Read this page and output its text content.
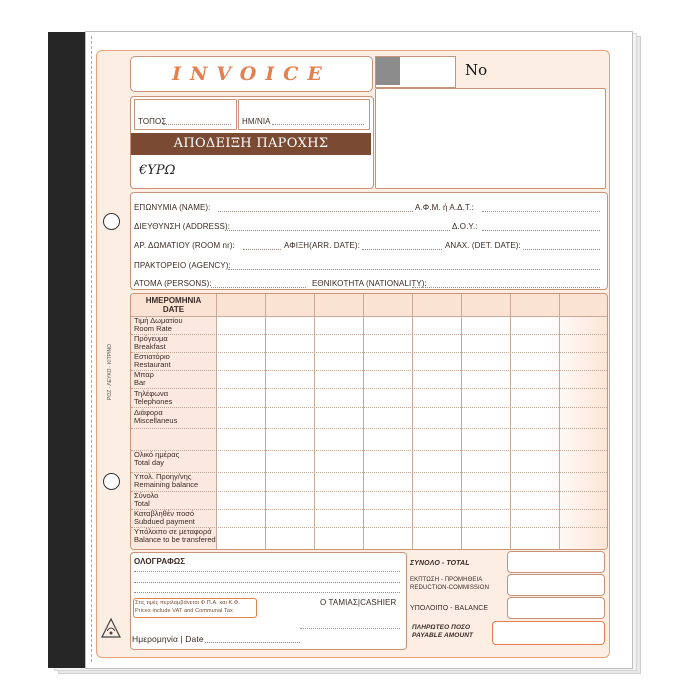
ΡΟΖ · ΛΕΥΚΟ · ΚΙΤΡΙΝΟ
INVOICE	No
ΤΟΠΟΣ	ΗΜ/ΝΙΑ
ΑΠΟΔΕΙΞΗ ΠΑΡΟΧΗΣ ΥΠΗΡΕΣΙΩΝ
€ΥΡΩ
ΕΠΩΝΥΜΙΑ (NAME):	Α.Φ.Μ. ή Α.Δ.Τ.:
ΔΙΕΥΘΥΝΣΗ (ADDRESS):	Δ.Ο.Υ.:
ΑΡ. ΔΩΜΑΤΙΟΥ (ROOM nr):	ΑΦΙΞΗ(ARR. DATE):	ΑΝΑΧ. (DET. DATE):
ΠΡΑΚΤΟΡΕΙΟ (AGENCY):
ΑΤΟΜΑ (PERSONS):	ΕΘΝΙΚΟΤΗΤΑ (NATIONALITY):
ΗΜΕΡΟΜΗΝΙΑ
DATE
Τιμή Δωματίου
Room Rate
Πρόγευμα
Breakfast
Εστιατόριο
Restaurant
Μπαρ
Bar
Τηλέφωνα
Telephones
Διάφορα
Miscellaneus
Ολικό ημέρας
Total day
Υπολ. Προηγ/νης
Remaining balance
Σύνολο
Total
Καταβληθέν ποσό
Subdued payment
Υπόλοιπο σε μεταφορά
Balance to be transfered
ΟΛΟΓΡΑΦΩΣ
Στις τιμές περιλαμβάνεται Φ.Π.Α. και Κ.Φ.
Prices include VAT and Communal Tax
Ο ΤΑΜΙΑΣ|CASHIER
Ημερομηνία | Date
ΣΥΝΟΛΟ - TOTAL
ΕΚΠΤΩΣΗ - ΠΡΟΜΗΘΕΙΑ
REDUCTION-COMMISSION
ΥΠΟΛΟΙΠΟ - BALANCE
ΠΛΗΡΩΤΕΟ ΠΟΣΟ
PAYABLE AMOUNT
